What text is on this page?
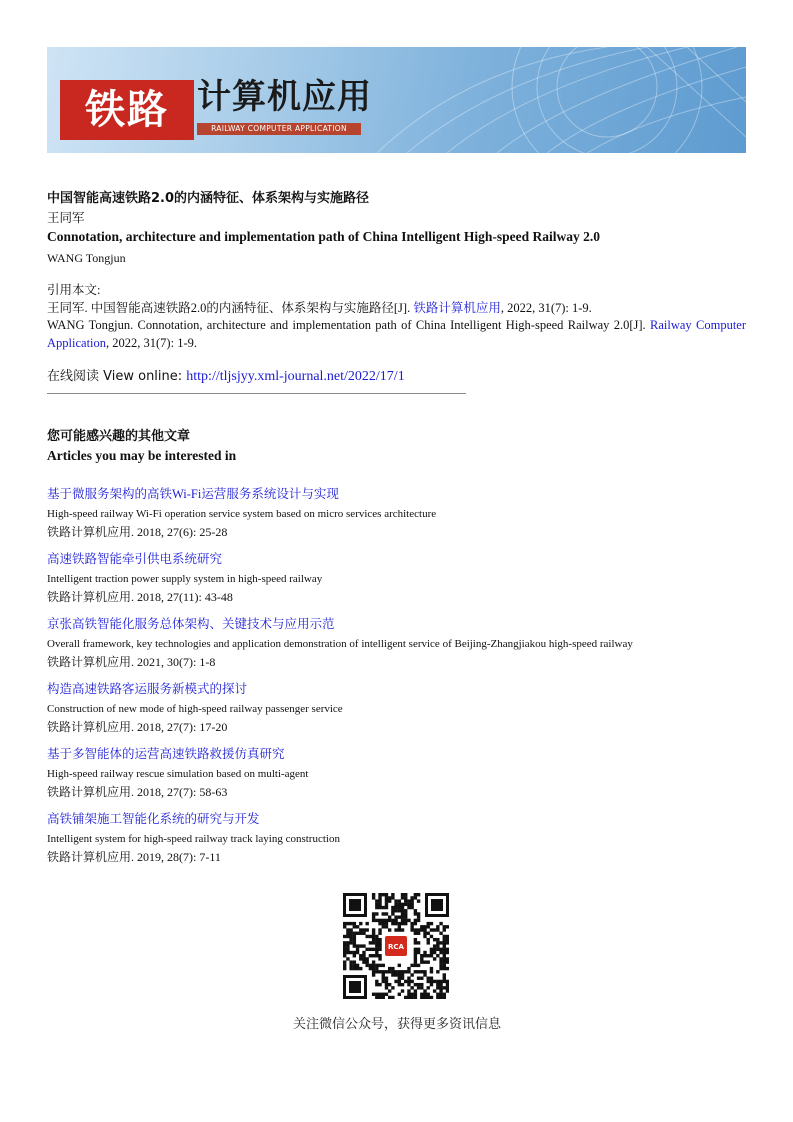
铁路 计算机应用
RAILWAY COMPUTER APPLICATION

中国智能高速铁路2.0的内涵特征、体系架构与实施路径

王同军

Connotation, architecture and implementation path of China Intelligent High-speed Railway 2.0

WANG Tongjun

引用本文:

王同军. 中国智能高速铁路2.0的内涵特征、体系架构与实施路径[J]. 铁路计算机应用, 2022, 31(7): 1-9.

WANG Tongjun. Connotation, architecture and implementation path of China Intelligent High-speed Railway 2.0[J]. Railway Computer Application, 2022, 31(7): 1-9.

在线阅读 View online: http://tljsjyy.xml-journal.net/2022/17/1

您可能感兴趣的其他文章

Articles you may be interested in

基于微服务架构的高铁Wi-Fi运营服务系统设计与实现
High-speed railway Wi-Fi operation service system based on micro services architecture
铁路计算机应用. 2018, 27(6): 25-28
高速铁路智能牵引供电系统研究
Intelligent traction power supply system in high-speed railway
铁路计算机应用. 2018, 27(11): 43-48
京张高铁智能化服务总体架构、关键技术与应用示范
Overall framework, key technologies and application demonstration of intelligent service of Beijing-Zhangjiakou high-speed railway
铁路计算机应用. 2021, 30(7): 1-8
构造高速铁路客运服务新模式的探讨
Construction of new mode of high-speed railway passenger service
铁路计算机应用. 2018, 27(7): 17-20
基于多智能体的运营高速铁路救援仿真研究
High-speed railway rescue simulation based on multi-agent
铁路计算机应用. 2018, 27(7): 58-63
高铁铺架施工智能化系统的研究与开发
Intelligent system for high-speed railway track laying construction
铁路计算机应用. 2019, 28(7): 7-11
RCA
关注微信公众号，获得更多资讯信息
